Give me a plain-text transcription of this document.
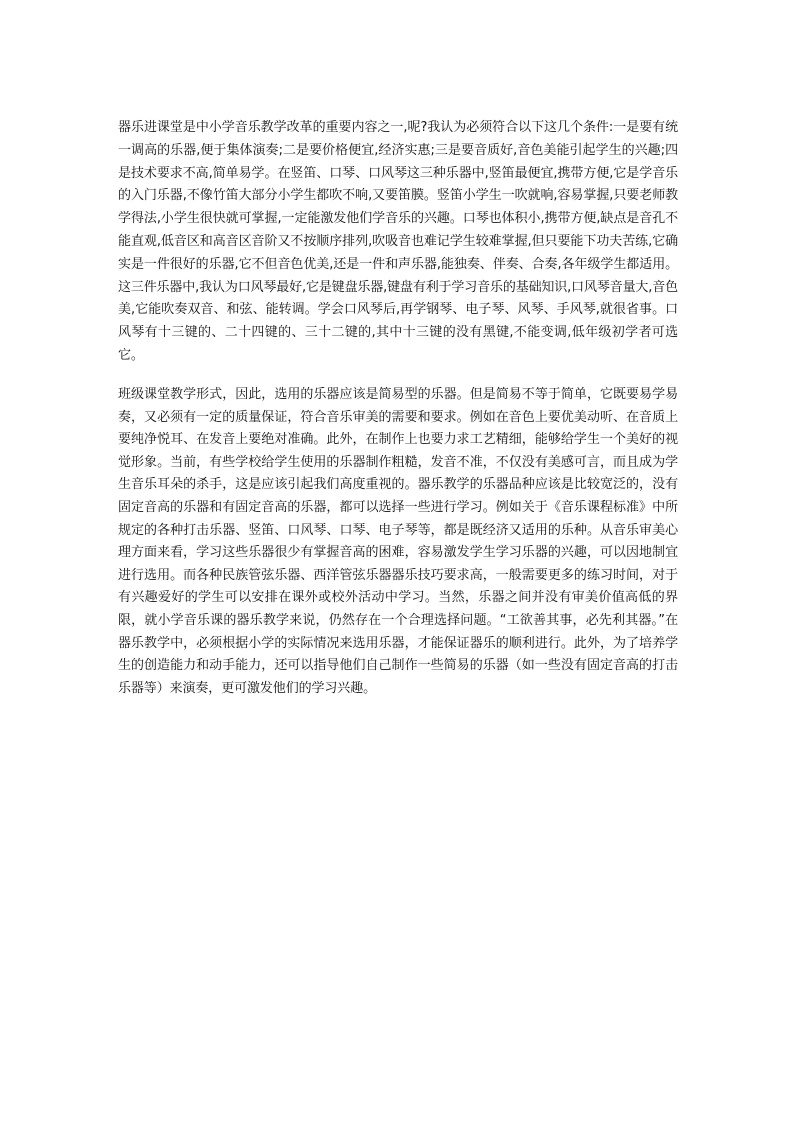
器乐进课堂是中小学音乐教学改革的重要内容之一,呢?我认为必须符合以下这几个条件:一是要有统一调高的乐器,便于集体演奏;二是要价格便宜,经济实惠;三是要音质好,音色美能引起学生的兴趣;四是技术要求不高,简单易学。在竖笛、口琴、口风琴这三种乐器中,竖笛最便宜,携带方便,它是学音乐的入门乐器,不像竹笛大部分小学生都吹不响,又要笛膜。竖笛小学生一吹就响,容易掌握,只要老师教学得法,小学生很快就可掌握,一定能激发他们学音乐的兴趣。口琴也体积小,携带方便,缺点是音孔不能直观,低音区和高音区音阶又不按顺序排列,吹吸音也难记学生较难掌握,但只要能下功夫苦练,它确实是一件很好的乐器,它不但音色优美,还是一件和声乐器,能独奏、伴奏、合奏,各年级学生都适用。这三件乐器中,我认为口风琴最好,它是键盘乐器,键盘有利于学习音乐的基础知识,口风琴音量大,音色美,它能吹奏双音、和弦、能转调。学会口风琴后,再学钢琴、电子琴、风琴、手风琴,就很省事。口风琴有十三键的、二十四键的、三十二键的,其中十三键的没有黑键,不能变调,低年级初学者可选它。

班级课堂教学形式，因此，选用的乐器应该是简易型的乐器。但是简易不等于简单，它既要易学易奏，又必须有一定的质量保证，符合音乐审美的需要和要求。例如在音色上要优美动听、在音质上要纯净悦耳、在发音上要绝对准确。此外，在制作上也要力求工艺精细，能够给学生一个美好的视觉形象。当前，有些学校给学生使用的乐器制作粗糙，发音不准，不仅没有美感可言，而且成为学生音乐耳朵的杀手，这是应该引起我们高度重视的。器乐教学的乐器品种应该是比较宽泛的，没有固定音高的乐器和有固定音高的乐器，都可以选择一些进行学习。例如关于《音乐课程标准》中所规定的各种打击乐器、竖笛、口风琴、口琴、电子琴等，都是既经济又适用的乐种。从音乐审美心理方面来看，学习这些乐器很少有掌握音高的困难，容易激发学生学习乐器的兴趣，可以因地制宜进行选用。而各种民族管弦乐器、西洋管弦乐器器乐技巧要求高，一般需要更多的练习时间，对于有兴趣爱好的学生可以安排在课外或校外活动中学习。当然，乐器之间并没有审美价值高低的界限，就小学音乐课的器乐教学来说，仍然存在一个合理选择问题。“工欲善其事，必先利其器。”在器乐教学中，必须根据小学的实际情况来选用乐器，才能保证器乐的顺利进行。此外，为了培养学生的创造能力和动手能力，还可以指导他们自己制作一些简易的乐器（如一些没有固定音高的打击乐器等）来演奏，更可激发他们的学习兴趣。
